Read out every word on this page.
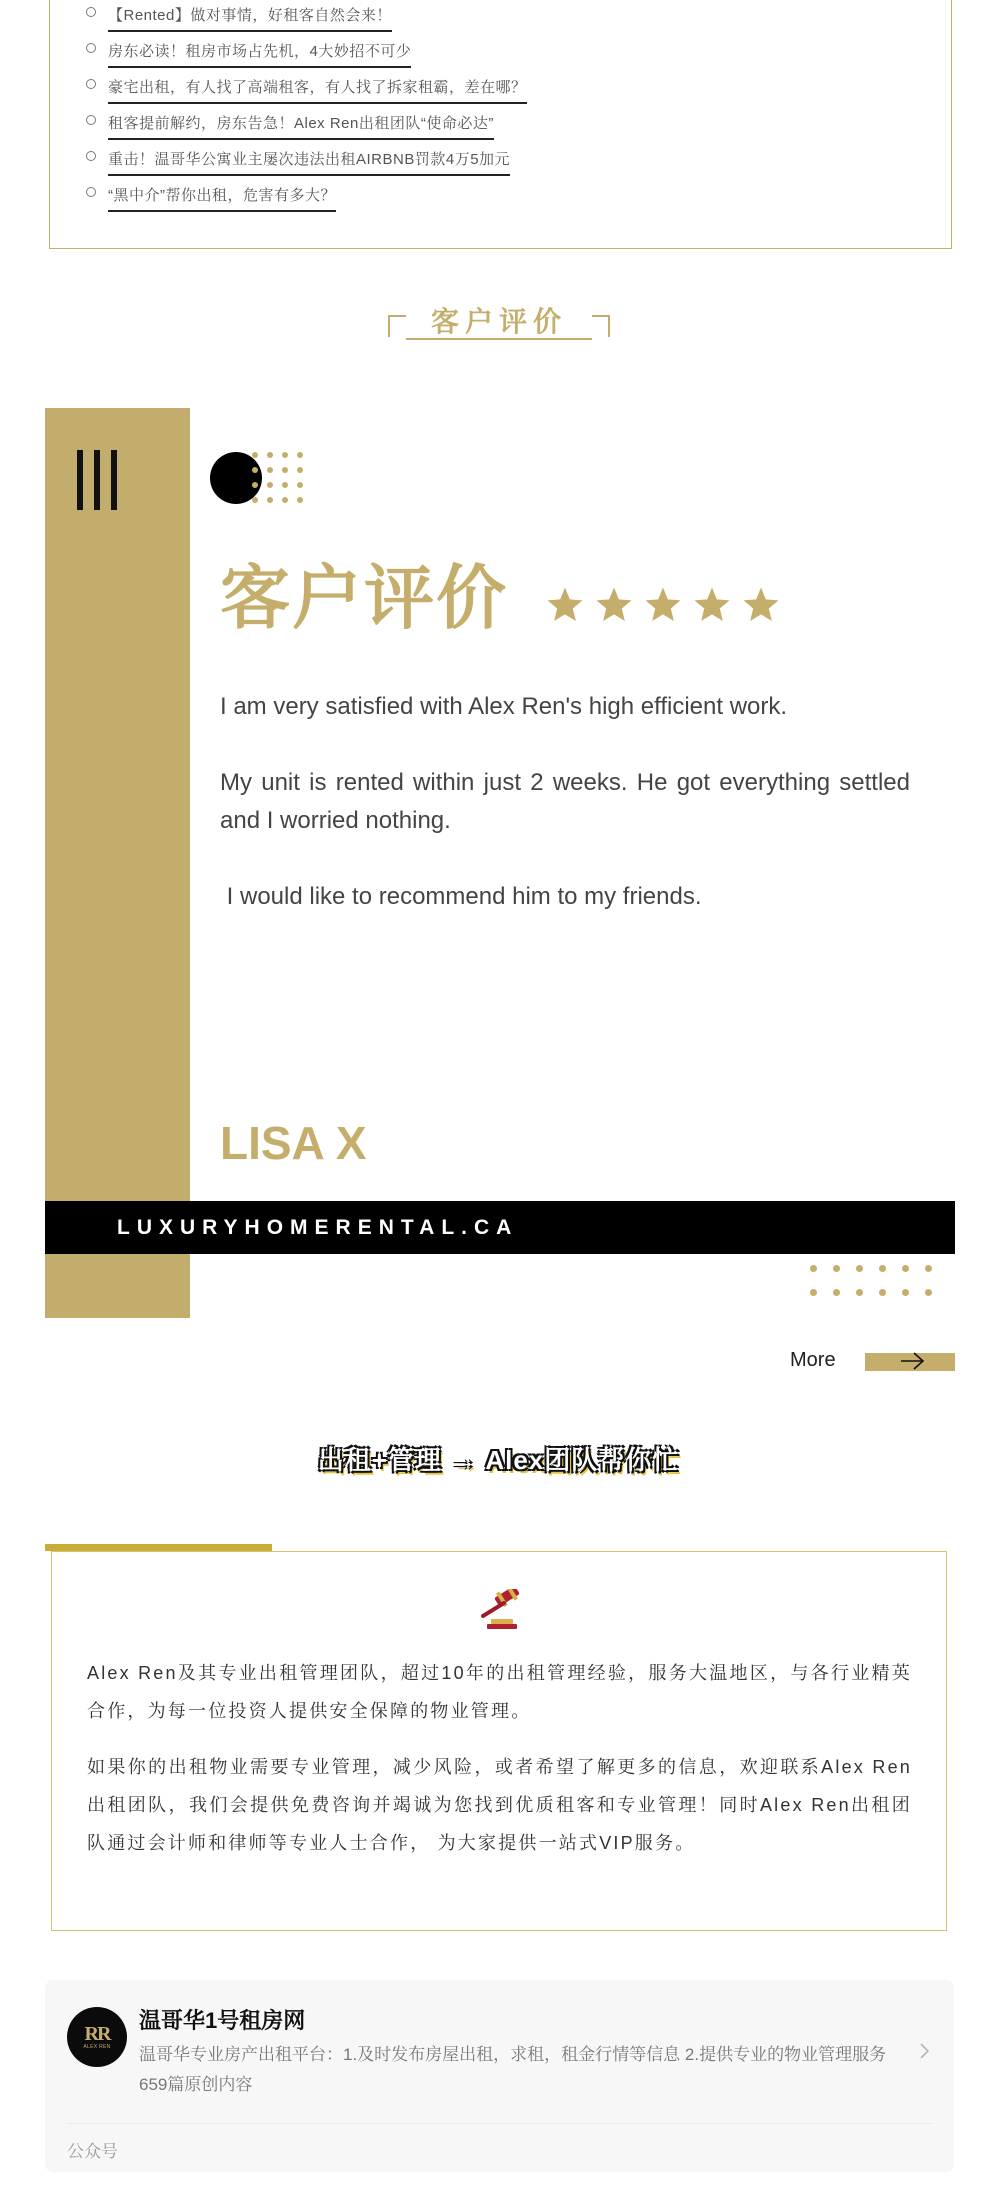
【Rented】做对事情，好租客自然会来！
房东必读！租房市场占先机，4大妙招不可少
豪宅出租，有人找了高端租客，有人找了拆家租霸，差在哪？
租客提前解约，房东告急！Alex Ren出租团队“使命必达”
重击！温哥华公寓业主屡次违法出租AIRBNB罚款4万5加元
“黑中介”帮你出租，危害有多大？
客户评价
客户评价

I am very satisfied with Alex Ren's high efficient work.

My unit is rented within just 2 weeks. He got everything settled and I worried nothing.

I would like to recommend him to my friends.

LISA X
LUXURYHOMERENTAL.CA
More
出租+管理 → Alex团队帮你忙

Alex Ren及其专业出租管理团队，超过10年的出租管理经验，服务大温地区，与各行业精英合作，为每一位投资人提供安全保障的物业管理。

如果你的出租物业需要专业管理，减少风险，或者希望了解更多的信息，欢迎联系Alex Ren出租团队，我们会提供免费咨询并竭诚为您找到优质租客和专业管理！同时Alex Ren出租团队通过会计师和律师等专业人士合作， 为大家提供一站式VIP服务。

RR
ALEX REN
温哥华1号租房网
温哥华专业房产出租平台：1.及时发布房屋出租，求租，租金行情等信息 2.提供专业的物业管理服务
659篇原创内容
公众号
